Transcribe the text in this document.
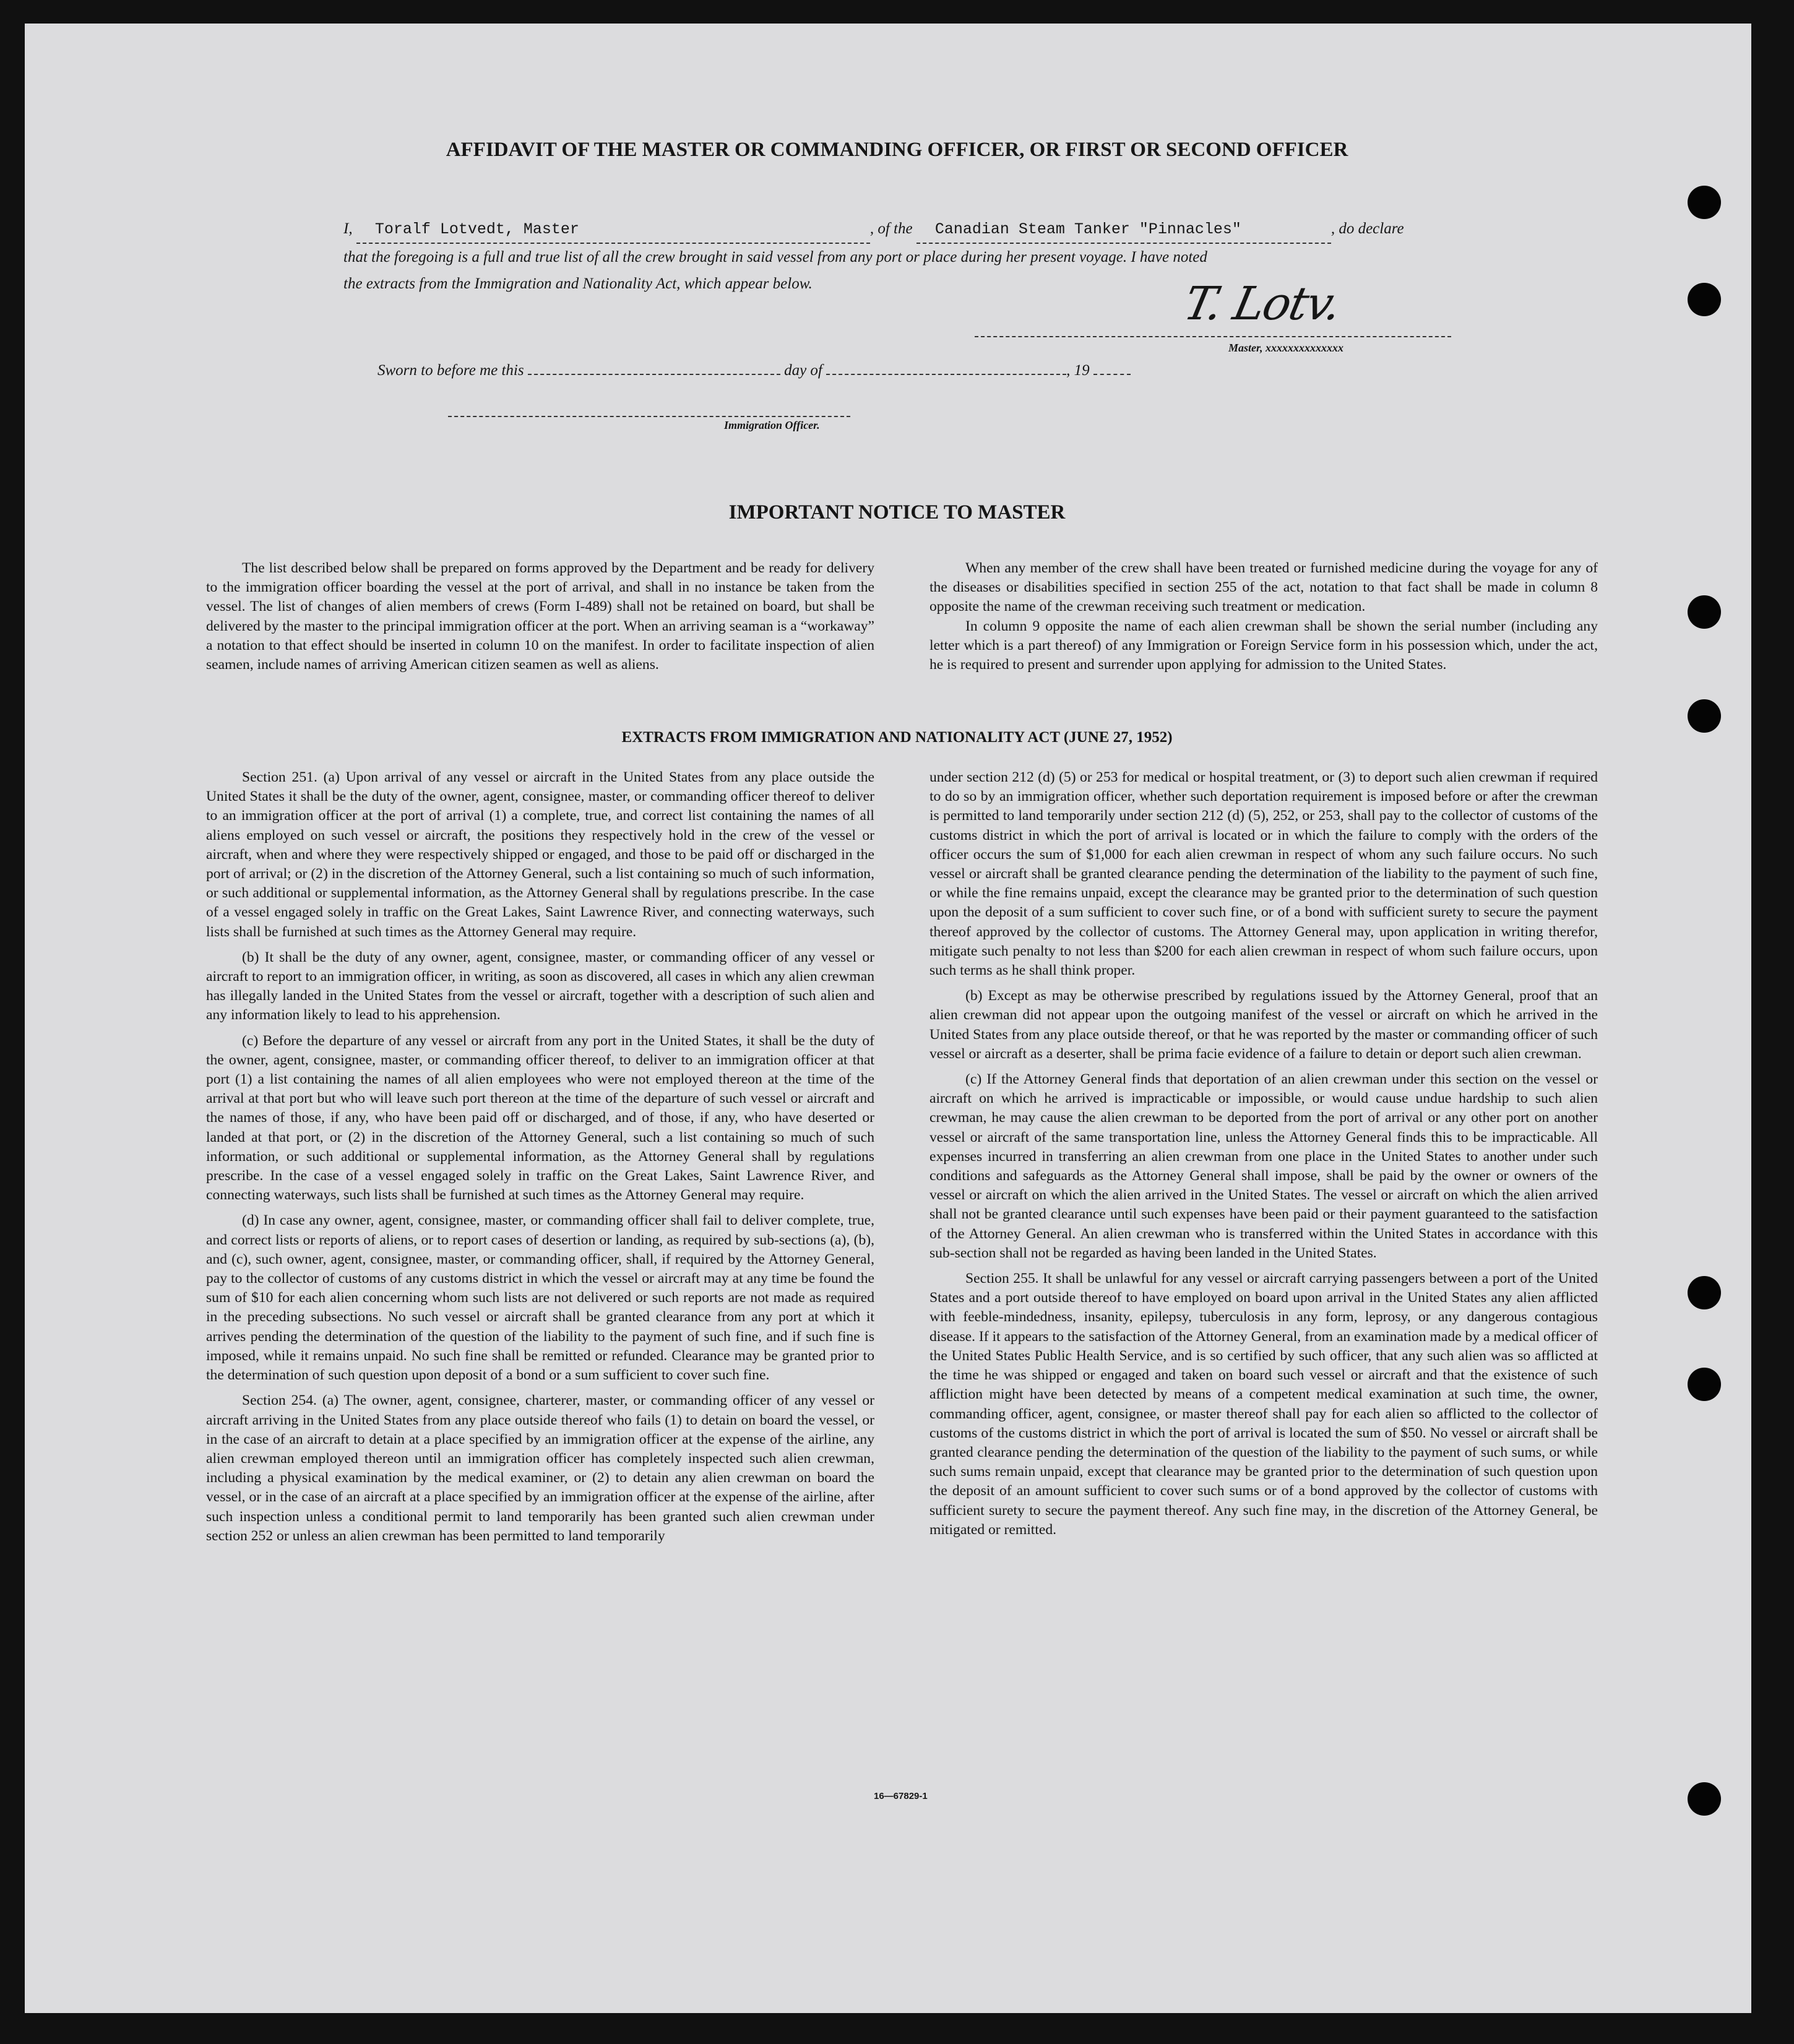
AFFIDAVIT OF THE MASTER OR COMMANDING OFFICER, OR FIRST OR SECOND OFFICER
I, Toralf Lotvedt, Master	, of the Canadian Steam Tanker "Pinnacles"	, do declare
that the foregoing is a full and true list of all the crew brought in said vessel from any port or place during her present voyage. I have noted
the extracts from the Immigration and Nationality Act, which appear below.	T. Lotv.
Master, xxxxxxxxxxxxxx
Sworn to before me this	day of	, 19
Immigration Officer.
IMPORTANT NOTICE TO MASTER

The list described below shall be prepared on forms approved by the Department and be ready for delivery to the immigration officer boarding the vessel at the port of arrival, and shall in no instance be taken from the vessel. The list of changes of alien members of crews (Form I-489) shall not be retained on board, but shall be delivered by the master to the principal immigration officer at the port. When an arriving seaman is a “workaway” a notation to that effect should be inserted in column 10 on the manifest. In order to facilitate inspection of alien seamen, include names of arriving American citizen seamen as well as aliens.

When any member of the crew shall have been treated or furnished medicine during the voyage for any of the diseases or disabilities specified in section 255 of the act, notation to that fact shall be made in column 8 opposite the name of the crewman receiving such treatment or medication.

In column 9 opposite the name of each alien crewman shall be shown the serial number (including any letter which is a part thereof) of any Immigration or Foreign Service form in his possession which, under the act, he is required to present and surrender upon applying for admission to the United States.

EXTRACTS FROM IMMIGRATION AND NATIONALITY ACT (JUNE 27, 1952)

Section 251. (a) Upon arrival of any vessel or aircraft in the United States from any place outside the United States it shall be the duty of the owner, agent, consignee, master, or commanding officer thereof to deliver to an immigration officer at the port of arrival (1) a complete, true, and correct list containing the names of all aliens employed on such vessel or aircraft, the positions they respectively hold in the crew of the vessel or aircraft, when and where they were respectively shipped or engaged, and those to be paid off or discharged in the port of arrival; or (2) in the discretion of the Attorney General, such a list containing so much of such information, or such additional or supplemental information, as the Attorney General shall by regulations prescribe. In the case of a vessel engaged solely in traffic on the Great Lakes, Saint Lawrence River, and connecting waterways, such lists shall be furnished at such times as the Attorney General may require.

(b) It shall be the duty of any owner, agent, consignee, master, or commanding officer of any vessel or aircraft to report to an immigration officer, in writing, as soon as discovered, all cases in which any alien crewman has illegally landed in the United States from the vessel or aircraft, together with a description of such alien and any information likely to lead to his apprehension.

(c) Before the departure of any vessel or aircraft from any port in the United States, it shall be the duty of the owner, agent, consignee, master, or commanding officer thereof, to deliver to an immigration officer at that port (1) a list containing the names of all alien employees who were not employed thereon at the time of the arrival at that port but who will leave such port thereon at the time of the departure of such vessel or aircraft and the names of those, if any, who have been paid off or discharged, and of those, if any, who have deserted or landed at that port, or (2) in the discretion of the Attorney General, such a list containing so much of such information, or such additional or supplemental information, as the Attorney General shall by regulations prescribe. In the case of a vessel engaged solely in traffic on the Great Lakes, Saint Lawrence River, and connecting waterways, such lists shall be furnished at such times as the Attorney General may require.

(d) In case any owner, agent, consignee, master, or commanding officer shall fail to deliver complete, true, and correct lists or reports of aliens, or to report cases of desertion or landing, as required by sub-sections (a), (b), and (c), such owner, agent, consignee, master, or commanding officer, shall, if required by the Attorney General, pay to the collector of customs of any customs district in which the vessel or aircraft may at any time be found the sum of $10 for each alien concerning whom such lists are not delivered or such reports are not made as required in the preceding subsections. No such vessel or aircraft shall be granted clearance from any port at which it arrives pending the determination of the question of the liability to the payment of such fine, and if such fine is imposed, while it remains unpaid. No such fine shall be remitted or refunded. Clearance may be granted prior to the determination of such question upon deposit of a bond or a sum sufficient to cover such fine.

Section 254. (a) The owner, agent, consignee, charterer, master, or commanding officer of any vessel or aircraft arriving in the United States from any place outside thereof who fails (1) to detain on board the vessel, or in the case of an aircraft to detain at a place specified by an immigration officer at the expense of the airline, any alien crewman employed thereon until an immigration officer has completely inspected such alien crewman, including a physical examination by the medical examiner, or (2) to detain any alien crewman on board the vessel, or in the case of an aircraft at a place specified by an immigration officer at the expense of the airline, after such inspection unless a conditional permit to land temporarily has been granted such alien crewman under section 252 or unless an alien crewman has been permitted to land temporarily

under section 212 (d) (5) or 253 for medical or hospital treatment, or (3) to deport such alien crewman if required to do so by an immigration officer, whether such deportation requirement is imposed before or after the crewman is permitted to land temporarily under section 212 (d) (5), 252, or 253, shall pay to the collector of customs of the customs district in which the port of arrival is located or in which the failure to comply with the orders of the officer occurs the sum of $1,000 for each alien crewman in respect of whom any such failure occurs. No such vessel or aircraft shall be granted clearance pending the determination of the liability to the payment of such fine, or while the fine remains unpaid, except the clearance may be granted prior to the determination of such question upon the deposit of a sum sufficient to cover such fine, or of a bond with sufficient surety to secure the payment thereof approved by the collector of customs. The Attorney General may, upon application in writing therefor, mitigate such penalty to not less than $200 for each alien crewman in respect of whom such failure occurs, upon such terms as he shall think proper.

(b) Except as may be otherwise prescribed by regulations issued by the Attorney General, proof that an alien crewman did not appear upon the outgoing manifest of the vessel or aircraft on which he arrived in the United States from any place outside thereof, or that he was reported by the master or commanding officer of such vessel or aircraft as a deserter, shall be prima facie evidence of a failure to detain or deport such alien crewman.

(c) If the Attorney General finds that deportation of an alien crewman under this section on the vessel or aircraft on which he arrived is impracticable or impossible, or would cause undue hardship to such alien crewman, he may cause the alien crewman to be deported from the port of arrival or any other port on another vessel or aircraft of the same transportation line, unless the Attorney General finds this to be impracticable. All expenses incurred in transferring an alien crewman from one place in the United States to another under such conditions and safeguards as the Attorney General shall impose, shall be paid by the owner or owners of the vessel or aircraft on which the alien arrived in the United States. The vessel or aircraft on which the alien arrived shall not be granted clearance until such expenses have been paid or their payment guaranteed to the satisfaction of the Attorney General. An alien crewman who is transferred within the United States in accordance with this sub-section shall not be regarded as having been landed in the United States.

Section 255. It shall be unlawful for any vessel or aircraft carrying passengers between a port of the United States and a port outside thereof to have employed on board upon arrival in the United States any alien afflicted with feeble-mindedness, insanity, epilepsy, tuberculosis in any form, leprosy, or any dangerous contagious disease. If it appears to the satisfaction of the Attorney General, from an examination made by a medical officer of the United States Public Health Service, and is so certified by such officer, that any such alien was so afflicted at the time he was shipped or engaged and taken on board such vessel or aircraft and that the existence of such affliction might have been detected by means of a competent medical examination at such time, the owner, commanding officer, agent, consignee, or master thereof shall pay for each alien so afflicted to the collector of customs of the customs district in which the port of arrival is located the sum of $50. No vessel or aircraft shall be granted clearance pending the determination of the question of the liability to the payment of such sums, or while such sums remain unpaid, except that clearance may be granted prior to the determination of such question upon the deposit of an amount sufficient to cover such sums or of a bond approved by the collector of customs with sufficient surety to secure the payment thereof. Any such fine may, in the discretion of the Attorney General, be mitigated or remitted.

16—67829-1
